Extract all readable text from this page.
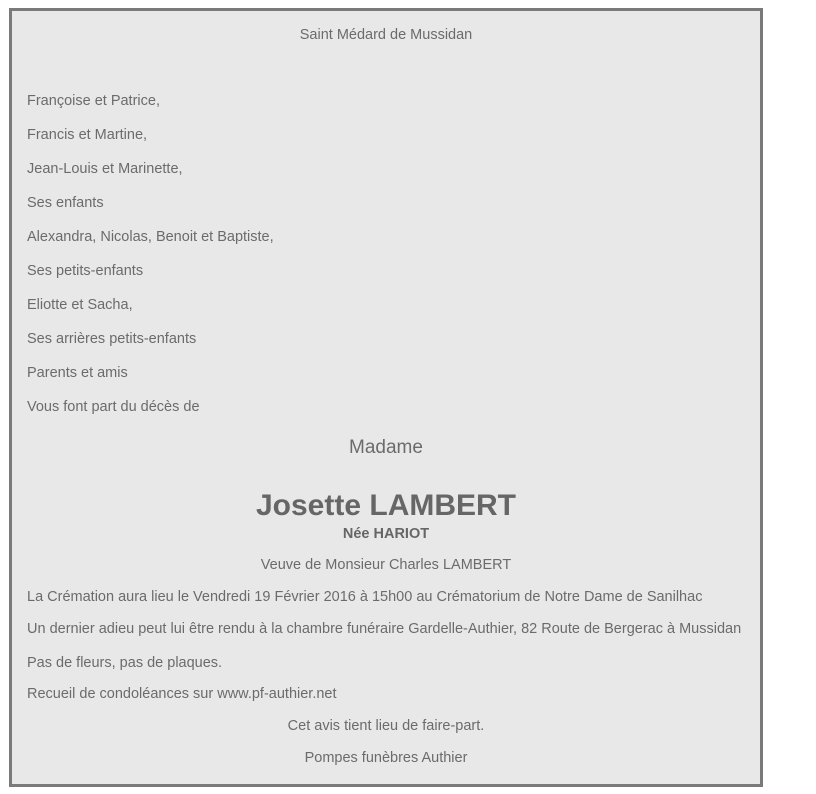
Saint Médard de Mussidan
Françoise et Patrice,
Francis et Martine,
Jean-Louis et Marinette,
Ses enfants
Alexandra, Nicolas, Benoit et Baptiste,
Ses petits-enfants
Eliotte et Sacha,
Ses arrières petits-enfants
Parents et amis
Vous font part du décès de
Madame
Josette LAMBERT
Née HARIOT
Veuve de Monsieur Charles LAMBERT
La Crémation aura lieu le Vendredi 19 Février 2016 à 15h00 au Crématorium de Notre Dame de Sanilhac
Un dernier adieu peut lui être rendu à la chambre funéraire Gardelle-Authier, 82 Route de Bergerac à Mussidan
Pas de fleurs, pas de plaques.
Recueil de condoléances sur www.pf-authier.net
Cet avis tient lieu de faire-part.
Pompes funèbres Authier
